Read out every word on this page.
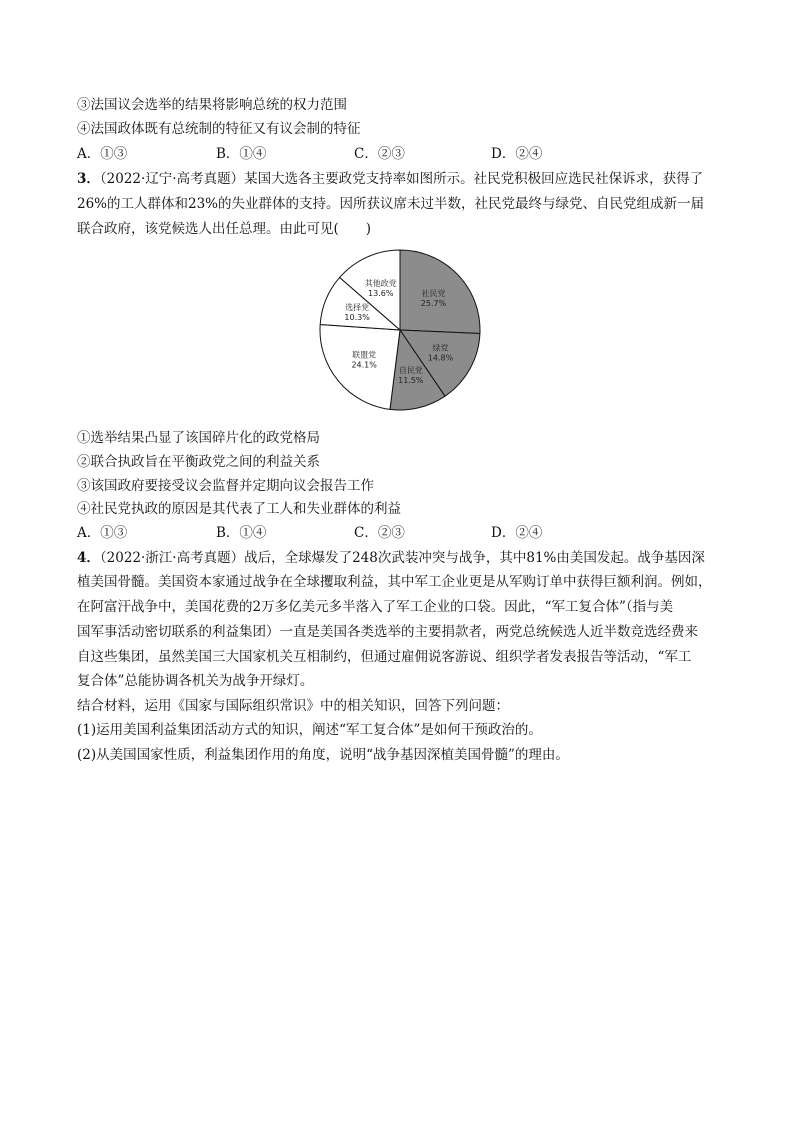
③法国议会选举的结果将影响总统的权力范围
④法国政体既有总统制的特征又有议会制的特征
A．①③	B．①④	C．②③	D．②④
3．（2022·辽宁·高考真题）某国大选各主要政党支持率如图所示。社民党积极回应选民社保诉求，获得了
26%的工人群体和23%的失业群体的支持。因所获议席未过半数，社民党最终与绿党、自民党组成新一届
联合政府，该党候选人出任总理。由此可见(　　)
社民党
25.7%
绿党
14.8%
自民党
11.5%
联盟党
24.1%
选择党
10.3%
其他政党
13.6%
①选举结果凸显了该国碎片化的政党格局
②联合执政旨在平衡政党之间的利益关系
③该国政府要接受议会监督并定期向议会报告工作
④社民党执政的原因是其代表了工人和失业群体的利益
A．①③	B．①④	C．②③	D．②④
4．（2022·浙江·高考真题）战后，全球爆发了248次武装冲突与战争，其中81%由美国发起。战争基因深
植美国骨髓。美国资本家通过战争在全球攫取利益，其中军工企业更是从军购订单中获得巨额利润。例如，
在阿富汗战争中，美国花费的2万多亿美元多半落入了军工企业的口袋。因此，“军工复合体”（指与美
国军事活动密切联系的利益集团）一直是美国各类选举的主要捐款者，两党总统候选人近半数竞选经费来
自这些集团，虽然美国三大国家机关互相制约，但通过雇佣说客游说、组织学者发表报告等活动，“军工
复合体”总能协调各机关为战争开绿灯。
结合材料，运用《国家与国际组织常识》中的相关知识，回答下列问题：
(1)运用美国利益集团活动方式的知识，阐述“军工复合体”是如何干预政治的。
(2)从美国国家性质，利益集团作用的角度，说明“战争基因深植美国骨髓”的理由。
